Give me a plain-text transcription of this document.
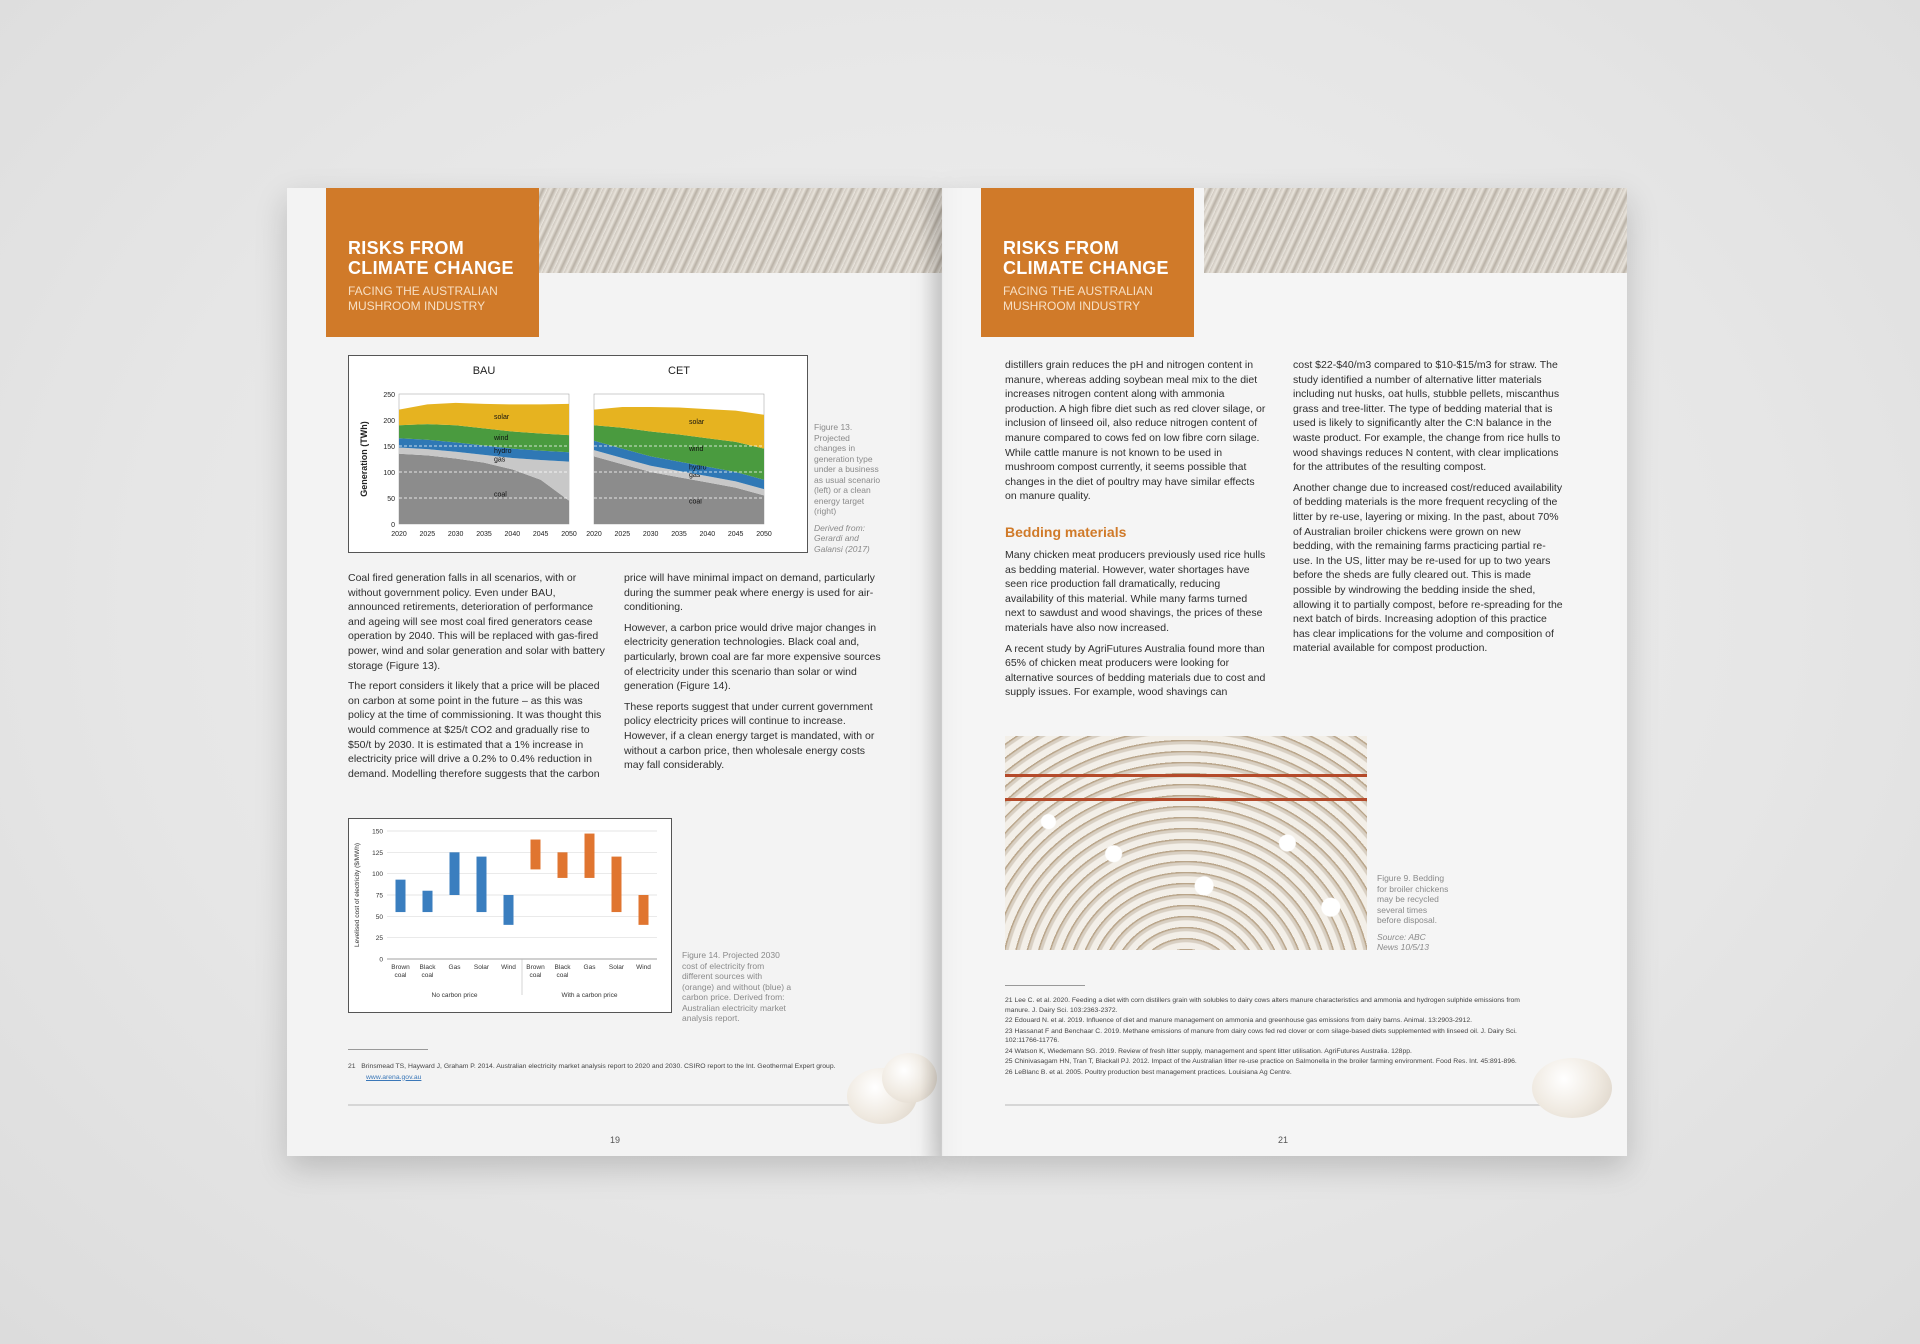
RISKS FROM
CLIMATE CHANGE
FACING THE AUSTRALIAN
MUSHROOM INDUSTRY
Generation (TWh)
0
50
100
150
200
250
BAU
coal
gas
hydro
wind
solar
2020 2025 2030 2035 2040 2045 2050
CET
coal
gas
hydro
wind
solar
2020 2025 2030 2035 2040 2045 2050
Figure 13. Projected changes in generation type under a business as usual scenario (left) or a clean energy target (right)
Derived from: Gerardi and Galansi (2017)

Coal fired generation falls in all scenarios, with or without government policy. Even under BAU, announced retirements, deterioration of performance and ageing will see most coal fired generators cease operation by 2040. This will be replaced with gas-fired power, wind and solar generation and solar with battery storage (Figure 13).

The report considers it likely that a price will be placed on carbon at some point in the future – as this was policy at the time of commissioning. It was thought this would commence at $25/t CO2 and gradually rise to $50/t by 2030. It is estimated that a 1% increase in electricity price will drive a 0.2% to 0.4% reduction in demand. Modelling therefore suggests that the carbon

price will have minimal impact on demand, particularly during the summer peak where energy is used for air-conditioning.

However, a carbon price would drive major changes in electricity generation technologies. Black coal and, particularly, brown coal are far more expensive sources of electricity under this scenario than solar or wind generation (Figure 14).

These reports suggest that under current government policy electricity prices will continue to increase. However, if a clean energy target is mandated, with or without a carbon price, then wholesale energy costs may fall considerably.

Levelised cost of electricity ($/MWh)
0
25
50
75
100
125
150
Brown
coal
Black
coal
Gas Solar Wind Brown
coal
Black
coal
Gas Solar Wind
No carbon price	With a carbon price
Figure 14. Projected 2030 cost of electricity from different sources with (orange) and without (blue) a carbon price. Derived from: Australian electricity market analysis report.
21 Brinsmead TS, Hayward J, Graham P. 2014. Australian electricity market analysis report to 2020 and 2030. CSIRO report to the Int. Geothermal Expert group.
www.arena.gov.au
19
RISKS FROM
CLIMATE CHANGE
FACING THE AUSTRALIAN
MUSHROOM INDUSTRY

distillers grain reduces the pH and nitrogen content in manure, whereas adding soybean meal mix to the diet increases nitrogen content along with ammonia production. A high fibre diet such as red clover silage, or inclusion of linseed oil, also reduce nitrogen content of manure compared to cows fed on low fibre corn silage. While cattle manure is not known to be used in mushroom compost currently, it seems possible that changes in the diet of poultry may have similar effects on manure quality.

Bedding materials

Many chicken meat producers previously used rice hulls as bedding material. However, water shortages have seen rice production fall dramatically, reducing availability of this material. While many farms turned next to sawdust and wood shavings, the prices of these materials have also now increased.

A recent study by AgriFutures Australia found more than 65% of chicken meat producers were looking for alternative sources of bedding materials due to cost and supply issues. For example, wood shavings can

cost $22-$40/m3 compared to $10-$15/m3 for straw. The study identified a number of alternative litter materials including nut husks, oat hulls, stubble pellets, miscanthus grass and tree-litter. The type of bedding material that is used is likely to significantly alter the C:N balance in the waste product. For example, the change from rice hulls to wood shavings reduces N content, with clear implications for the attributes of the resulting compost.

Another change due to increased cost/reduced availability of bedding materials is the more frequent recycling of the litter by re-use, layering or mixing. In the past, about 70% of Australian broiler chickens were grown on new bedding, with the remaining farms practicing partial re-use. In the US, litter may be re-used for up to two years before the sheds are fully cleared out. This is made possible by windrowing the bedding inside the shed, allowing it to partially compost, before re-spreading for the next batch of birds. Increasing adoption of this practice has clear implications for the volume and composition of material available for compost production.

Figure 9. Bedding for broiler chickens may be recycled several times before disposal.
Source: ABC News 10/5/13
21 Lee C. et al. 2020. Feeding a diet with corn distillers grain with solubles to dairy cows alters manure characteristics and ammonia and hydrogen sulphide emissions from manure. J. Dairy Sci. 103:2363-2372.
22 Edouard N. et al. 2019. Influence of diet and manure management on ammonia and greenhouse gas emissions from dairy barns. Animal. 13:2903-2912.
23 Hassanat F and Benchaar C. 2019. Methane emissions of manure from dairy cows fed red clover or corn silage-based diets supplemented with linseed oil. J. Dairy Sci. 102:11766-11776.
24 Watson K, Wiedemann SG. 2019. Review of fresh litter supply, management and spent litter utilisation. AgriFutures Australia. 128pp.
25 Chinivasagam HN, Tran T, Blackall PJ. 2012. Impact of the Australian litter re-use practice on Salmonella in the broiler farming environment. Food Res. Int. 45:891-896.
26 LeBlanc B. et al. 2005. Poultry production best management practices. Louisiana Ag Centre.
21
